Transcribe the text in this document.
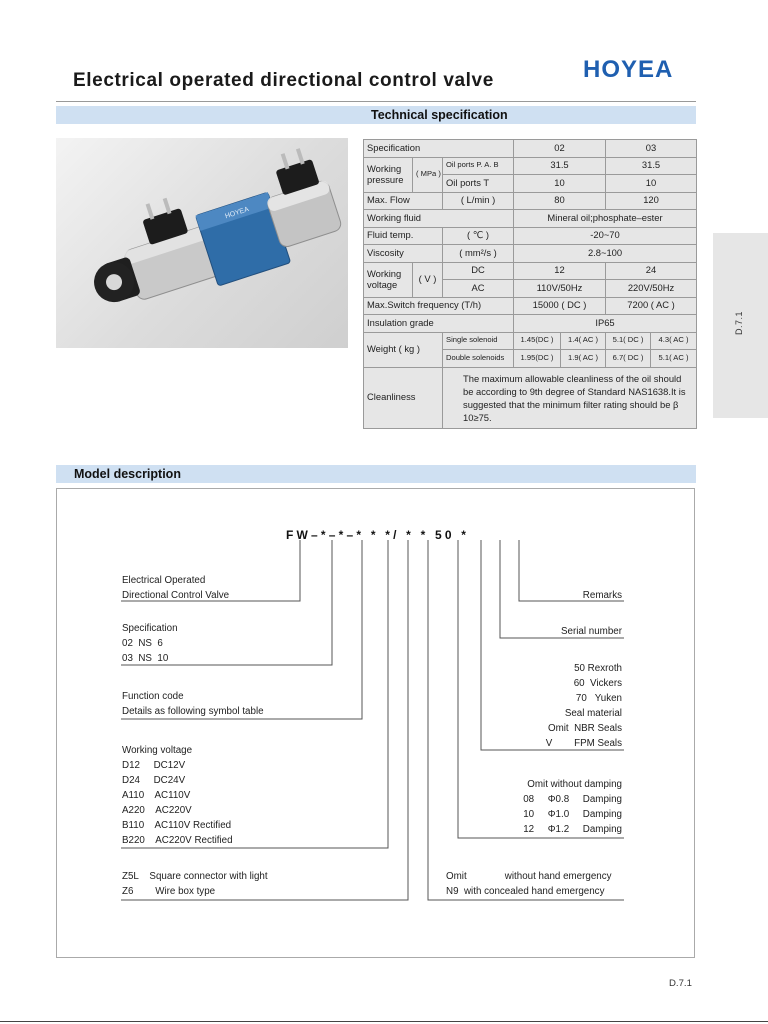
Electrical operated directional control valve	HOYEA
Technical specification
HOYEA
Specification			02		03	
Working
pressure	( MPa )	Oil ports P. A. B	31.5		31.5	
		Oil ports T	10		10	
Max. Flow		( L/min )	80		120	
Working fluid			Mineral oil;phosphate–ester			
Fluid temp.		( ℃ )	-20~70			
Viscosity		( mm²/s )	2.8~100			
Working
voltage	( V )	DC	12		24	
		AC	110V/50Hz		220V/50Hz	
Max.Switch frequency (T/h)			15000 ( DC )		7200 ( AC )	
Insulation grade			IP65			
Weight ( kg )		Single solenoid	1.45(DC )	1.4( AC )	5.1( DC )	4.3( AC )
		Double solenoids	1.95(DC )	1.9( AC )	6.7( DC )	5.1( AC )
Cleanliness		The maximum allowable cleanliness of the oil should be according to 9th degree of Standard NAS1638.It is suggested that the minimum filter rating should be β 10≥75.				
D.7.1
Model description
FW–*–*–* * */ * * 50 *
Electrical Operated
Directional Control Valve
Specification
02  NS  6
03  NS  10
Function code
Details as following symbol table
Working voltage
D12     DC12V
D24     DC24V
A110    AC110V
A220    AC220V
B110    AC110V Rectified
B220    AC220V Rectified
Z5L    Square connector with light
Z6        Wire box type
Remarks
Serial number
50 Rexroth
60  Vickers
70   Yuken
Seal material
Omit  NBR Seals
V        FPM Seals
Omit without damping
08     Φ0.8     Damping
10     Φ1.0     Damping
12     Φ1.2     Damping
Omit              without hand emergency
N9  with concealed hand emergency
D.7.1
